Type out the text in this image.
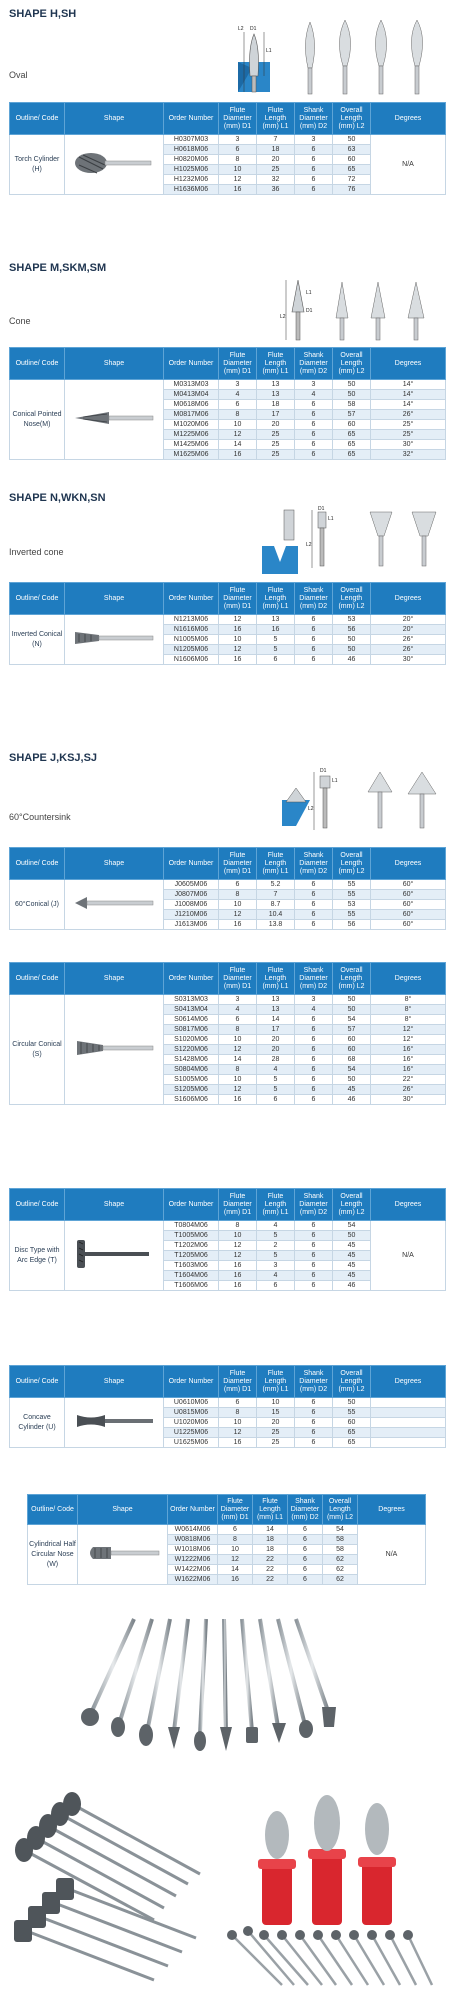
SHAPE H,SH
Oval
L1
L2 D1
Outline/ Code	Shape	Order Number	Flute Diameter (mm) D1	Flute Length (mm) L1	Shank Diameter (mm) D2	Overall Length (mm) L2	Degrees
Torch Cylinder (H)		H0307M03	3	7	3	50	N/A
		H0618M06	6	18	6	63	
		H0820M06	8	20	6	60	
		H1025M06	10	25	6	65	
		H1232M06	12	32	6	72	
		H1636M06	16	36	6	76	
SHAPE M,SKM,SM
Cone
L1
L2
D1
Outline/ Code	Shape	Order Number	Flute Diameter (mm) D1	Flute Length (mm) L1	Shank Diameter (mm) D2	Overall Length (mm) L2	Degrees
Conical Pointed Nose(M)		M0313M03	3	13	3	50	14°
		M0413M04	4	13	4	50	14°
		M0618M06	6	18	6	58	14°
		M0817M06	8	17	6	57	26°
		M1020M06	10	20	6	60	25°
		M1225M06	12	25	6	65	25°
		M1425M06	14	25	6	65	30°
		M1625M06	16	25	6	65	32°
SHAPE N,WKN,SN
Inverted cone
L1
L2
D1
Outline/ Code	Shape	Order Number	Flute Diameter (mm) D1	Flute Length (mm) L1	Shank Diameter (mm) D2	Overall Length (mm) L2	Degrees
Inverted Conical (N)		N1213M06	12	13	6	53	20°
		N1616M06	16	16	6	56	20°
		N1005M06	10	5	6	50	26°
		N1205M06	12	5	6	50	26°
		N1606M06	16	6	6	46	30°
SHAPE J,KSJ,SJ
60°Countersink
L1
L2
D1
Outline/ Code	Shape	Order Number	Flute Diameter (mm) D1	Flute Length (mm) L1	Shank Diameter (mm) D2	Overall Length (mm) L2	Degrees
60°Conical (J)		J0605M06	6	5.2	6	55	60°
		J0807M06	8	7	6	55	60°
		J1008M06	10	8.7	6	53	60°
		J1210M06	12	10.4	6	55	60°
		J1613M06	16	13.8	6	56	60°
Outline/ Code	Shape	Order Number	Flute Diameter (mm) D1	Flute Length (mm) L1	Shank Diameter (mm) D2	Overall Length (mm) L2	Degrees
Circular Conical (S)		S0313M03	3	13	3	50	8°
		S0413M04	4	13	4	50	8°
		S0614M06	6	14	6	54	8°
		S0817M06	8	17	6	57	12°
		S1020M06	10	20	6	60	12°
		S1220M06	12	20	6	60	16°
		S1428M06	14	28	6	68	16°
		S0804M06	8	4	6	54	16°
		S1005M06	10	5	6	50	22°
		S1205M06	12	5	6	45	26°
		S1606M06	16	6	6	46	30°
Outline/ Code	Shape	Order Number	Flute Diameter (mm) D1	Flute Length (mm) L1	Shank Diameter (mm) D2	Overall Length (mm) L2	Degrees
Disc Type with Arc Edge (T)		T0804M06	8	4	6	54	N/A
		T1005M06	10	5	6	50	
		T1202M06	12	2	6	45	
		T1205M06	12	5	6	45	
		T1603M06	16	3	6	45	
		T1604M06	16	4	6	45	
		T1606M06	16	6	6	46	
Outline/ Code	Shape	Order Number	Flute Diameter (mm) D1	Flute Length (mm) L1	Shank Diameter (mm) D2	Overall Length (mm) L2	Degrees
Concave Cylinder (U)		U0610M06	6	10	6	50	
		U0815M06	8	15	6	55	
		U1020M06	10	20	6	60	
		U1225M06	12	25	6	65	
		U1625M06	16	25	6	65	
Outline/ Code	Shape	Order Number	Flute Diameter (mm) D1	Flute Length (mm) L1	Shank Diameter (mm) D2	Overall Length (mm) L2	Degrees
Cylindrical Half Circular Nose (W)		W0614M06	6	14	6	54	N/A
		W0818M06	8	18	6	58	
		W1018M06	10	18	6	58	
		W1222M06	12	22	6	62	
		W1422M06	14	22	6	62	
		W1622M06	16	22	6	62	
